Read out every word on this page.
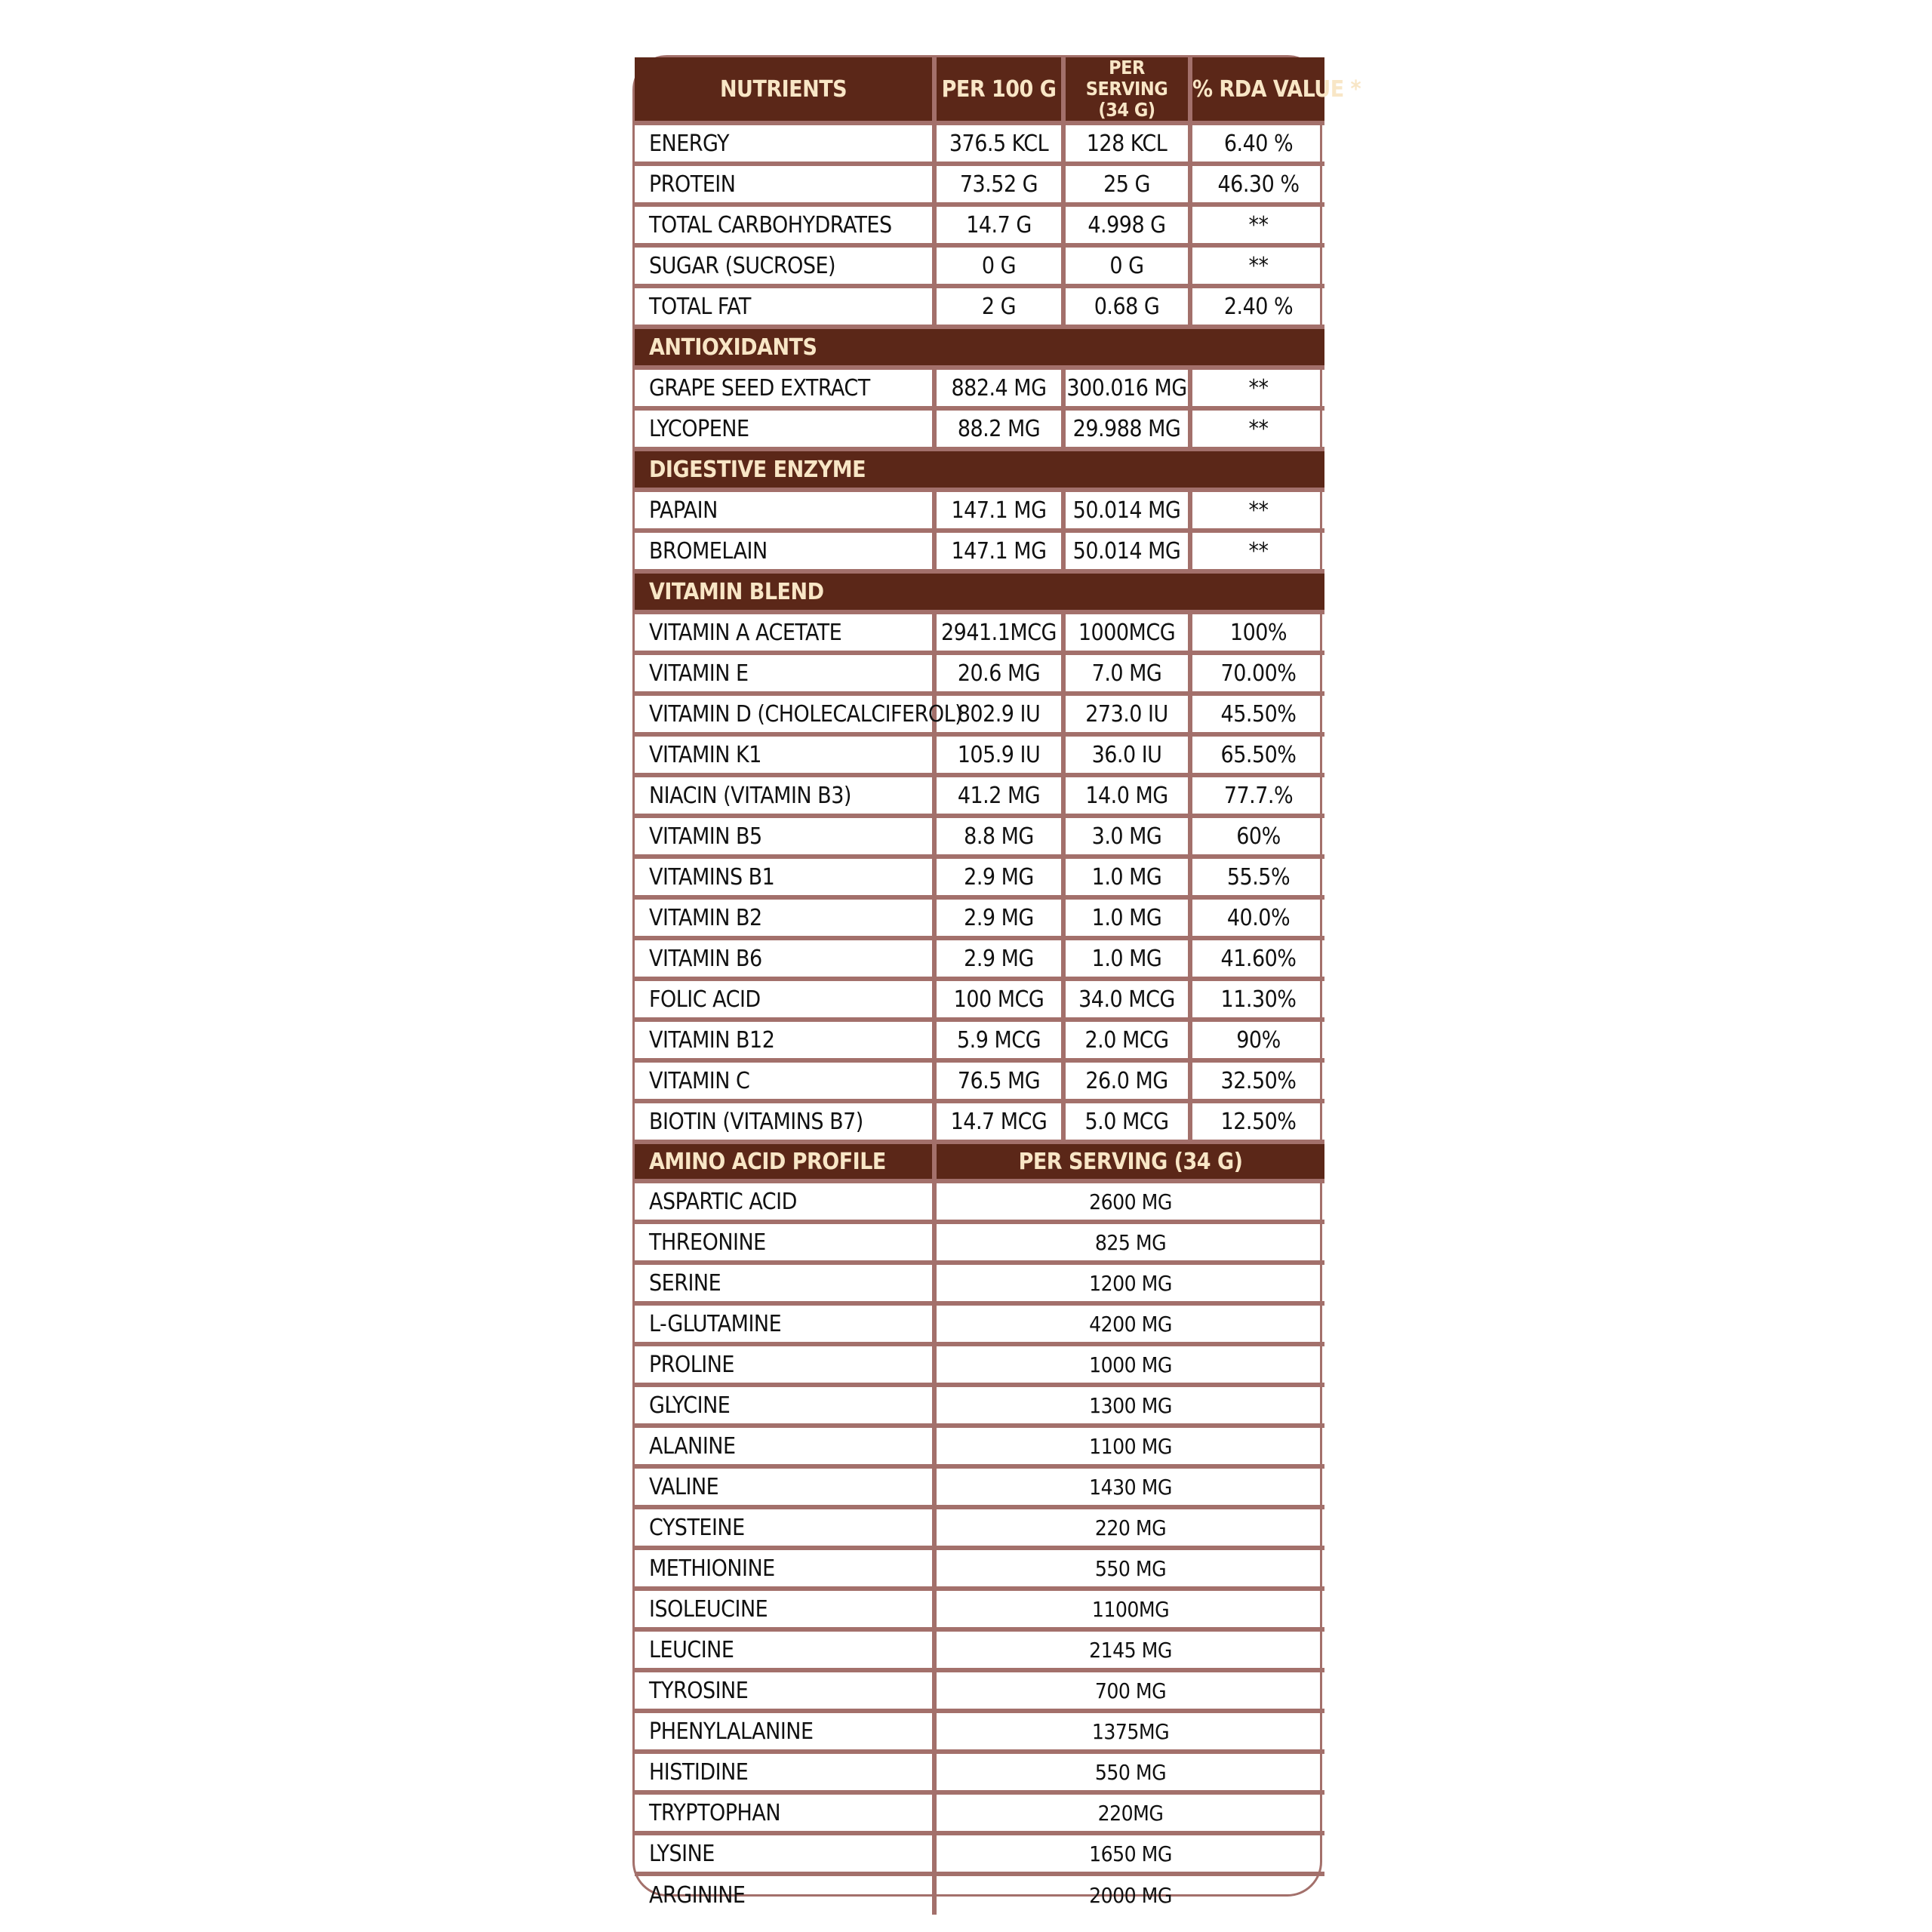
NUTRIENTS	PER 100 G	PER SERVING (34 G)	% RDA VALUE *
ENERGY	376.5 KCL	128 KCL	6.40 %
PROTEIN	73.52 G	25 G	46.30 %
TOTAL CARBOHYDRATES	14.7 G	4.998 G	**
SUGAR (SUCROSE)	0 G	0 G	**
TOTAL FAT	2 G	0.68 G	2.40 %
ANTIOXIDANTS			
GRAPE SEED EXTRACT	882.4 MG	300.016 MG	**
LYCOPENE	88.2 MG	29.988 MG	**
DIGESTIVE ENZYME			
PAPAIN	147.1 MG	50.014 MG	**
BROMELAIN	147.1 MG	50.014 MG	**
VITAMIN BLEND			
VITAMIN A ACETATE	2941.1MCG	1000MCG	100%
VITAMIN E	20.6 MG	7.0 MG	70.00%
VITAMIN D (CHOLECALCIFEROL)	802.9 IU	273.0 IU	45.50%
VITAMIN K1	105.9 IU	36.0 IU	65.50%
NIACIN (VITAMIN B3)	41.2 MG	14.0 MG	77.7.%
VITAMIN B5	8.8 MG	3.0 MG	60%
VITAMINS B1	2.9 MG	1.0 MG	55.5%
VITAMIN B2	2.9 MG	1.0 MG	40.0%
VITAMIN B6	2.9 MG	1.0 MG	41.60%
FOLIC ACID	100 MCG	34.0 MCG	11.30%
VITAMIN B12	5.9 MCG	2.0 MCG	90%
VITAMIN C	76.5 MG	26.0 MG	32.50%
BIOTIN (VITAMINS B7)	14.7 MCG	5.0 MCG	12.50%
AMINO ACID PROFILE	PER SERVING (34 G)		
ASPARTIC ACID	2600 MG		
THREONINE	825 MG		
SERINE	1200 MG		
L-GLUTAMINE	4200 MG		
PROLINE	1000 MG		
GLYCINE	1300 MG		
ALANINE	1100 MG		
VALINE	1430 MG		
CYSTEINE	220 MG		
METHIONINE	550 MG		
ISOLEUCINE	1100MG		
LEUCINE	2145 MG		
TYROSINE	700 MG		
PHENYLALANINE	1375MG		
HISTIDINE	550 MG		
TRYPTOPHAN	220MG		
LYSINE	1650 MG		
ARGININE	2000 MG		
